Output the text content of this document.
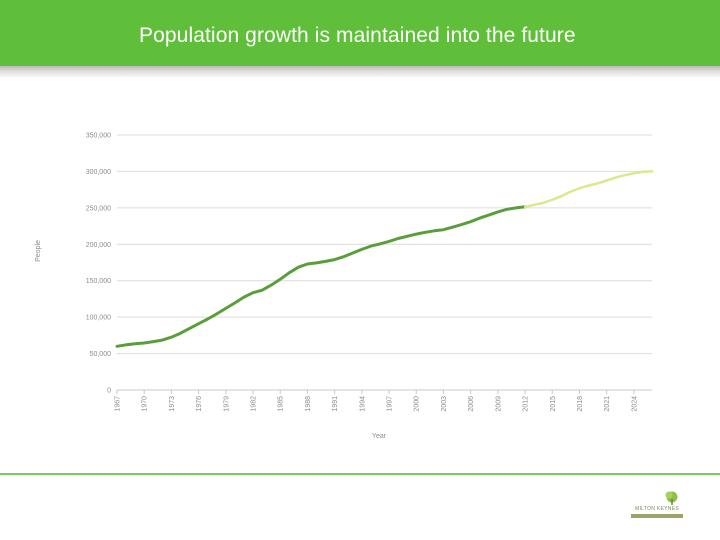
Population growth is maintained into the future
0
50,000
100,000
150,000
200,000
250,000
300,000
350,000
1967	1970	1973	1976	1979	1982	1985	1988	1991	1994	1997	2000	2003	2006	2009	2012	2015	2018	2021	2024
People
Year
MILTON KEYNES
